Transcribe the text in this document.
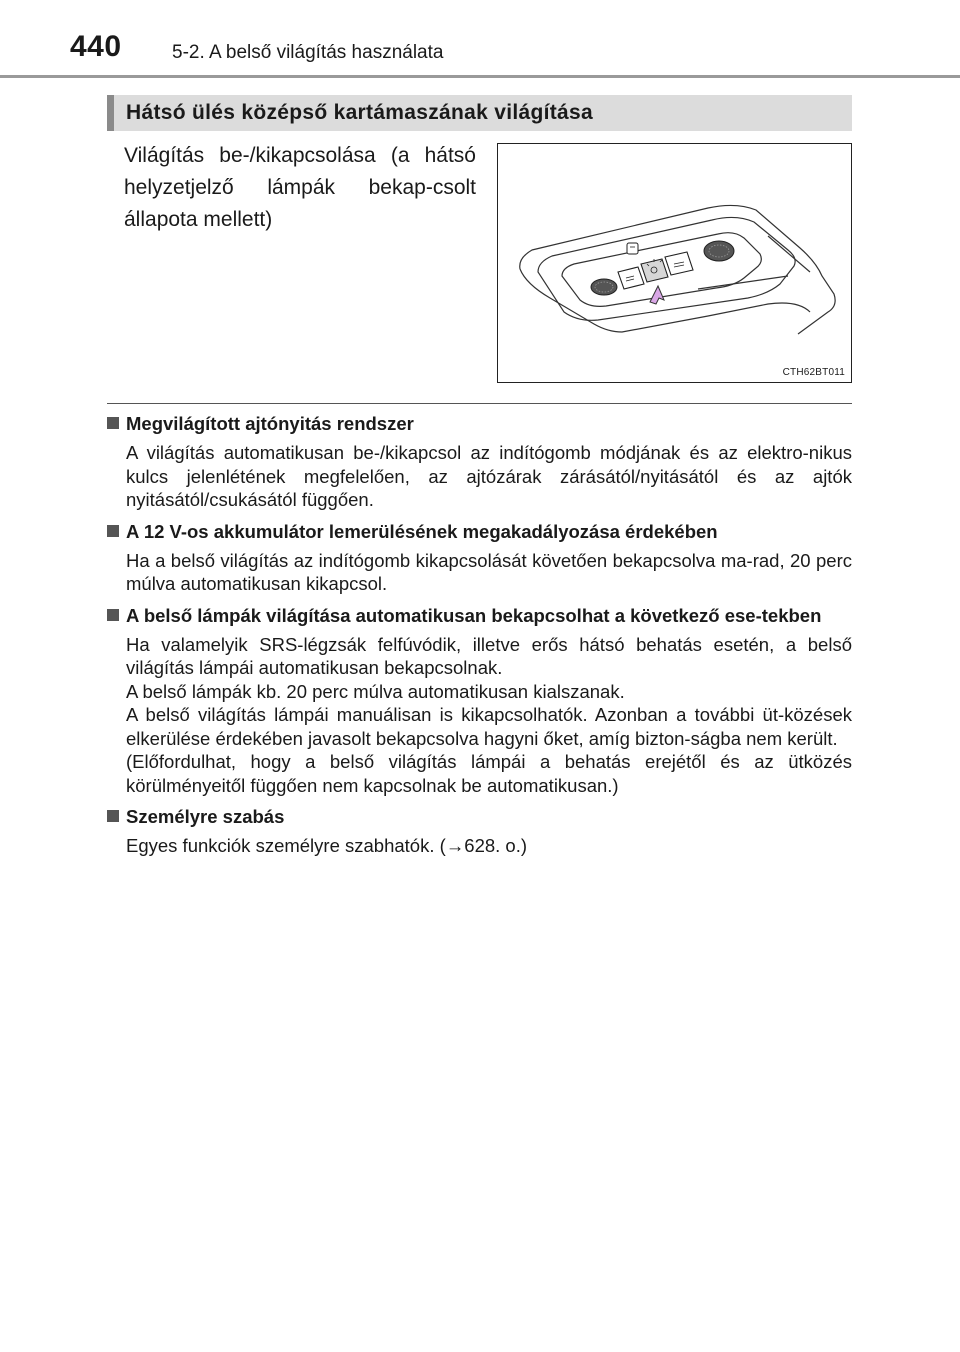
440	5-2. A belső világítás használata
Hátsó ülés középső kartámaszának világítása
Világítás be-/kikapcsolása (a hátsó helyzetjelző lámpák bekap-csolt állapota mellett)
CTH62BT011
Megvilágított ajtónyitás rendszer

A világítás automatikusan be-/kikapcsol az indítógomb módjának és az elektro-nikus kulcs jelenlétének megfelelően, az ajtózárak zárásától/nyitásától és az ajtók nyitásától/csukásától függően.

A 12 V-os akkumulátor lemerülésének megakadályozása érdekében

Ha a belső világítás az indítógomb kikapcsolását követően bekapcsolva ma-rad, 20 perc múlva automatikusan kikapcsol.

A belső lámpák világítása automatikusan bekapcsolhat a következő ese-tekben

Ha valamelyik SRS-légzsák felfúvódik, illetve erős hátsó behatás esetén, a belső világítás lámpái automatikusan bekapcsolnak.

A belső lámpák kb. 20 perc múlva automatikusan kialszanak.

A belső világítás lámpái manuálisan is kikapcsolhatók. Azonban a további üt-közések elkerülése érdekében javasolt bekapcsolva hagyni őket, amíg bizton-ságba nem került.

(Előfordulhat, hogy a belső világítás lámpái a behatás erejétől és az ütközés körülményeitől függően nem kapcsolnak be automatikusan.)

Személyre szabás

Egyes funkciók személyre szabhatók. (→628. o.)
